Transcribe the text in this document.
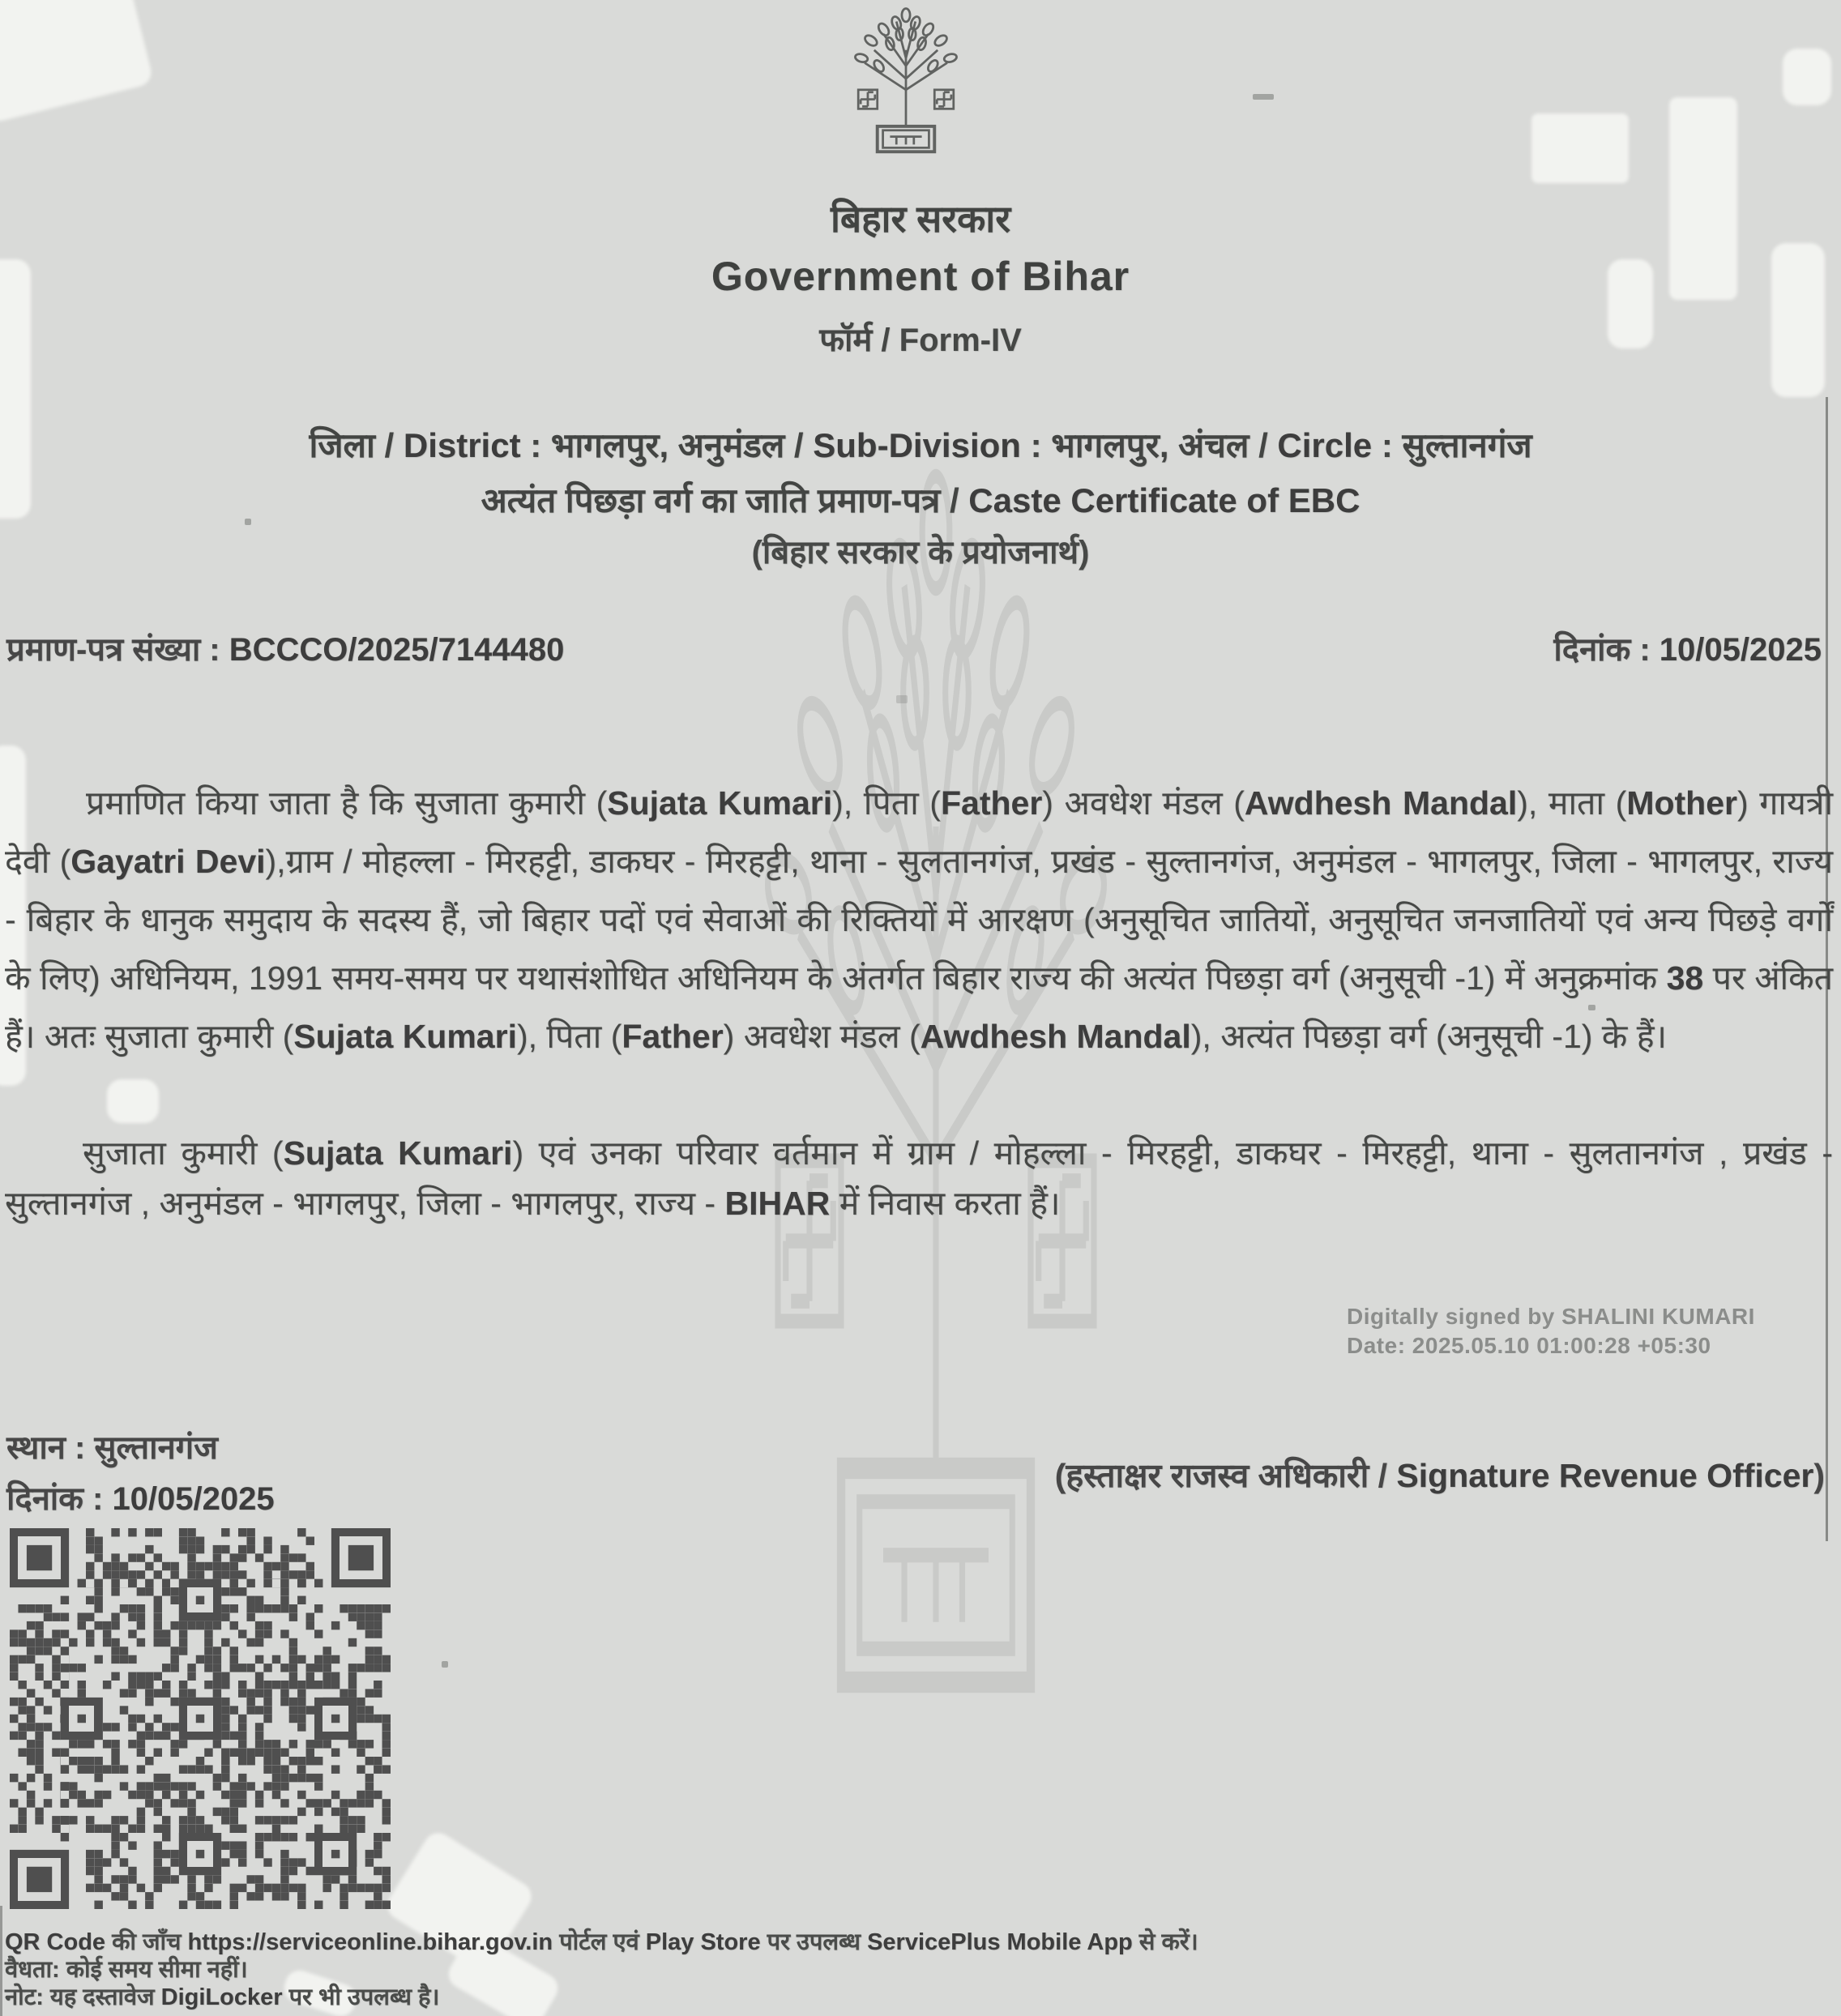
बिहार सरकार
Government of Bihar
फॉर्म / Form-IV
जिला / District : भागलपुर, अनुमंडल / Sub-Division : भागलपुर, अंचल / Circle : सुल्तानगंज
अत्यंत पिछड़ा वर्ग का जाति प्रमाण-पत्र / Caste Certificate of EBC
(बिहार सरकार के प्रयोजनार्थ)
प्रमाण-पत्र संख्या : BCCCO/2025/7144480	दिनांक : 10/05/2025
प्रमाणित किया जाता है कि सुजाता कुमारी (Sujata Kumari), पिता (Father) अवधेश मंडल (Awdhesh Mandal), माता (Mother) गायत्री देवी (Gayatri Devi),ग्राम / मोहल्ला - मिरहट्टी, डाकघर - मिरहट्टी, थाना - सुलतानगंज, प्रखंड - सुल्तानगंज, अनुमंडल - भागलपुर, जिला - भागलपुर, राज्य - बिहार के धानुक समुदाय के सदस्य हैं, जो बिहार पदों एवं सेवाओं की रिक्तियों में आरक्षण (अनुसूचित जातियों, अनुसूचित जनजातियों एवं अन्य पिछड़े वर्गों के लिए) अधिनियम, 1991 समय-समय पर यथासंशोधित अधिनियम के अंतर्गत बिहार राज्य की अत्यंत पिछड़ा वर्ग (अनुसूची -1) में अनुक्रमांक 38 पर अंकित हैं। अतः सुजाता कुमारी (Sujata Kumari), पिता (Father) अवधेश मंडल (Awdhesh Mandal), अत्यंत पिछड़ा वर्ग (अनुसूची -1) के हैं।
सुजाता कुमारी (Sujata Kumari) एवं उनका परिवार वर्तमान में ग्राम / मोहल्ला - मिरहट्टी, डाकघर - मिरहट्टी, थाना - सुलतानगंज , प्रखंड - सुल्तानगंज , अनुमंडल - भागलपुर, जिला - भागलपुर, राज्य - BIHAR में निवास करता हैं।
Digitally signed by SHALINI KUMARI
Date: 2025.05.10 01:00:28 +05:30
स्थान : सुल्तानगंज
दिनांक : 10/05/2025
(हस्ताक्षर राजस्व अधिकारी / Signature Revenue Officer)
QR Code की जाँच https://serviceonline.bihar.gov.in पोर्टल एवं Play Store पर उपलब्ध ServicePlus Mobile App से करें।
वैधता: कोई समय सीमा नहीं।
नोट: यह दस्तावेज DigiLocker पर भी उपलब्ध है।
